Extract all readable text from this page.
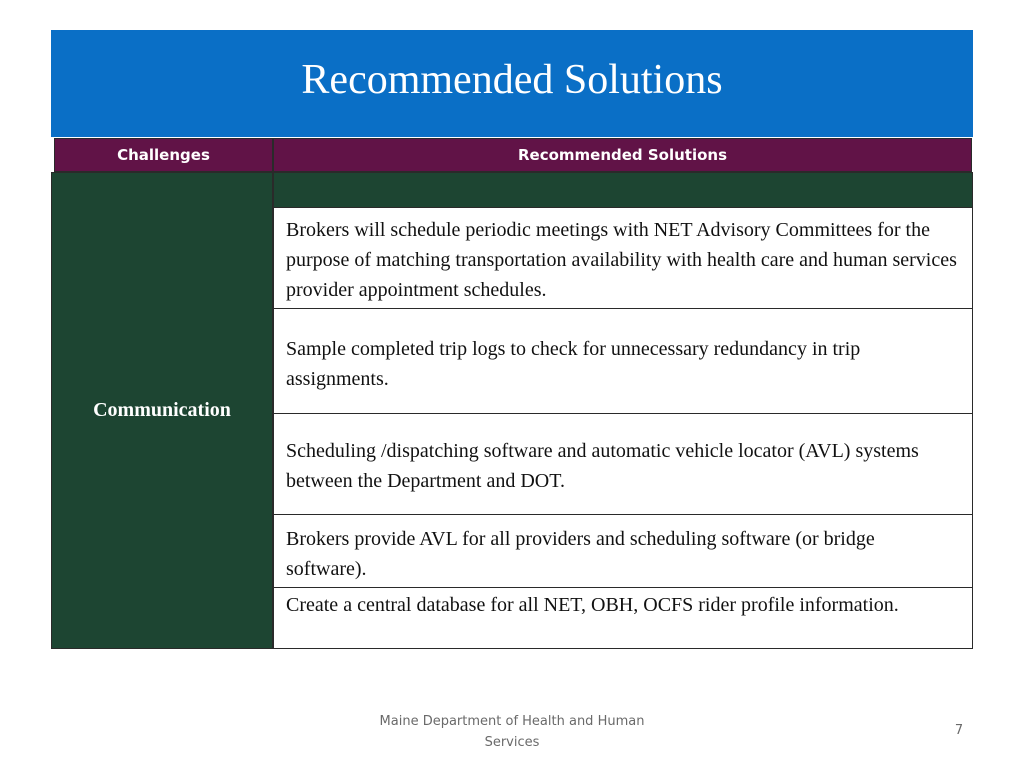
Recommended Solutions
Challenges	Recommended Solutions
Communication
Brokers will schedule periodic meetings with NET Advisory Committees for the purpose of matching transportation availability with health care and human services provider appointment schedules.
Sample completed trip logs to check for unnecessary redundancy in trip assignments.
Scheduling /dispatching software and automatic vehicle locator (AVL) systems between the Department and DOT.
Brokers provide AVL for all providers and scheduling software (or bridge software).
Create a central database for all NET, OBH, OCFS rider profile information.
Maine Department of Health and Human
Services
7
